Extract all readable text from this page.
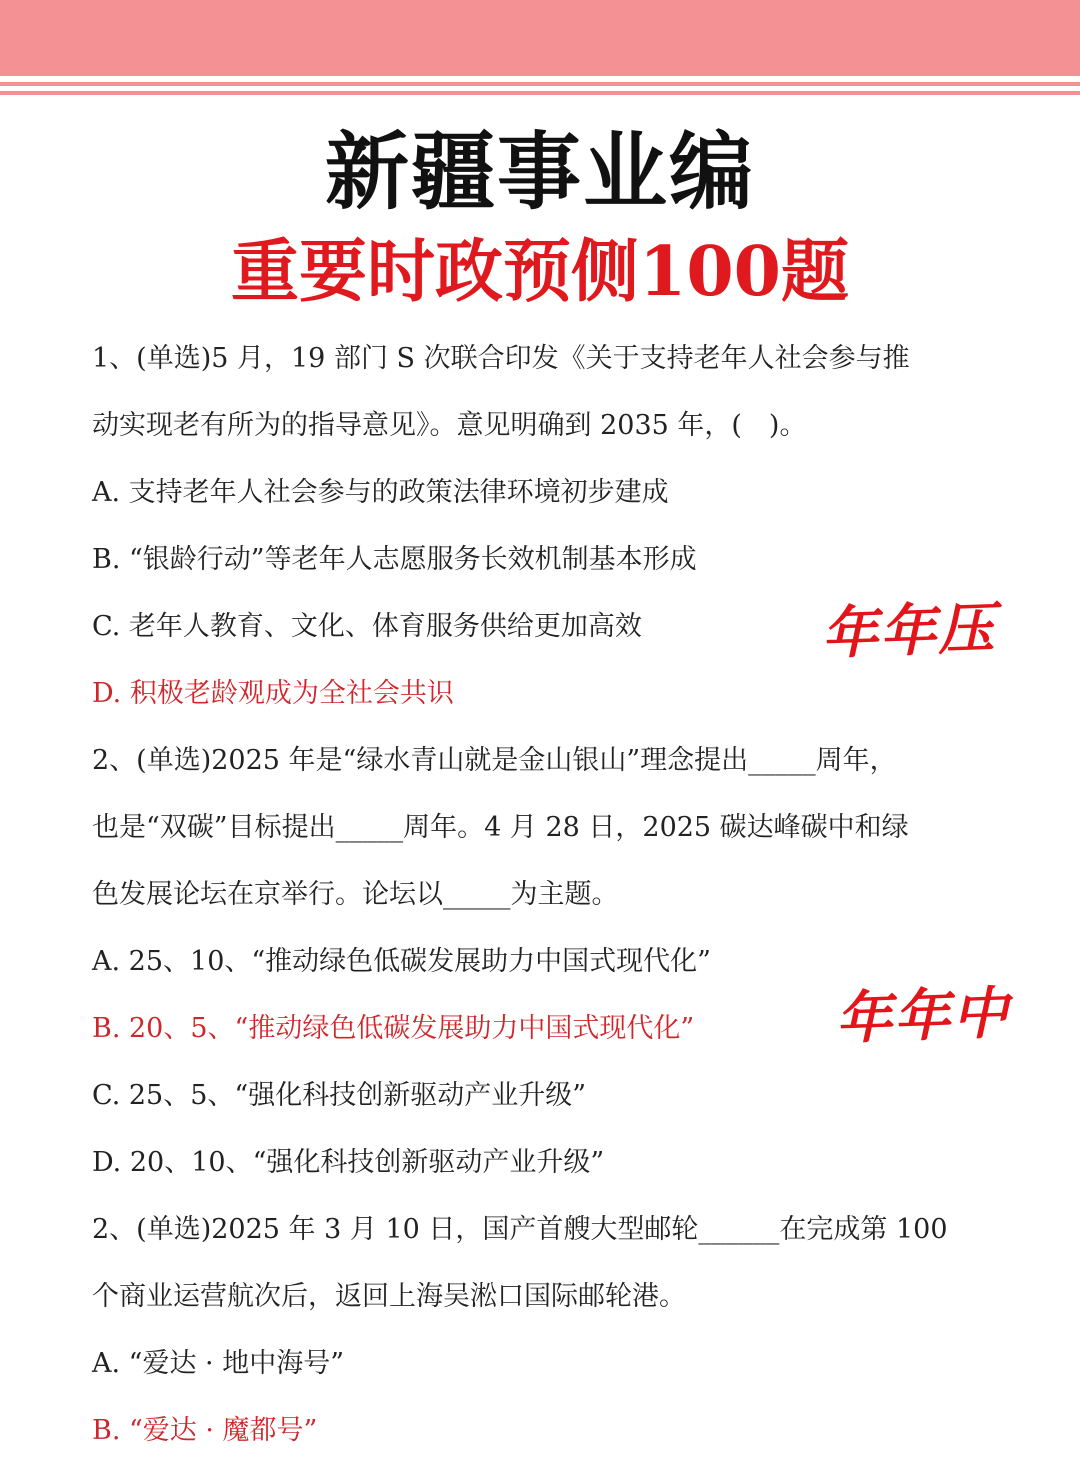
新疆事业编
重要时政预侧100题
1、(单选)5 月，19 部门 S 次联合印发《关于支持老年人社会参与推
动实现老有所为的指导意见》。意见明确到 2035 年，(　)。
A. 支持老年人社会参与的政策法律环境初步建成
B. “银龄行动”等老年人志愿服务长效机制基本形成
C. 老年人教育、文化、体育服务供给更加高效
D. 积极老龄观成为全社会共识
2、(单选)2025 年是“绿水青山就是金山银山”理念提出_____周年，
也是“双碳”目标提出_____周年。4 月 28 日，2025 碳达峰碳中和绿
色发展论坛在京举行。论坛以_____为主题。
A. 25、10、“推动绿色低碳发展助力中国式现代化”
B. 20、5、“推动绿色低碳发展助力中国式现代化”
C. 25、5、“强化科技创新驱动产业升级”
D. 20、10、“强化科技创新驱动产业升级”
2、(单选)2025 年 3 月 10 日，国产首艘大型邮轮______在完成第 100
个商业运营航次后，返回上海吴淞口国际邮轮港。
A. “爱达 · 地中海号”
B. “爱达 · 魔都号”
年年压
年年中
